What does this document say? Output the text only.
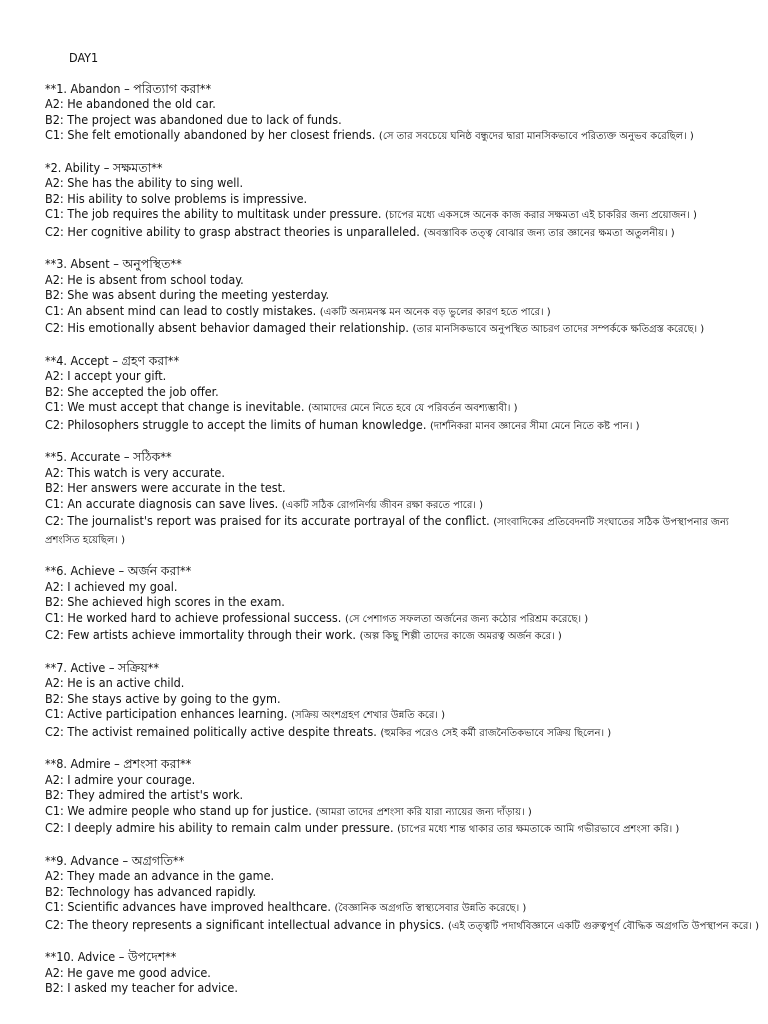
DAY1
**1. Abandon – পরিত্যাগ করা**
A2: He abandoned the old car.
B2: The project was abandoned due to lack of funds.
C1: She felt emotionally abandoned by her closest friends. (সে তার সবচেয়ে ঘনিষ্ঠ বন্ধুদের দ্বারা মানসিকভাবে পরিত্যক্ত অনুভব করেছিল। )
*2. Ability – সক্ষমতা**
A2: She has the ability to sing well.
B2: His ability to solve problems is impressive.
C1: The job requires the ability to multitask under pressure. (চাপের মধ্যে একসঙ্গে অনেক কাজ করার সক্ষমতা এই চাকরির জন্য প্রয়োজন। )
C2: Her cognitive ability to grasp abstract theories is unparalleled. (অবস্তাবিক তত্ত্ব বোঝার জন্য তার জ্ঞানের ক্ষমতা অতুলনীয়। )
**3. Absent – অনুপস্থিত**
A2: He is absent from school today.
B2: She was absent during the meeting yesterday.
C1: An absent mind can lead to costly mistakes. (একটি অন্যমনস্ক মন অনেক বড় ভুলের কারণ হতে পারে। )
C2: His emotionally absent behavior damaged their relationship. (তার মানসিকভাবে অনুপস্থিত আচরণ তাদের সম্পর্ককে ক্ষতিগ্রস্ত করেছে। )
**4. Accept – গ্রহণ করা**
A2: I accept your gift.
B2: She accepted the job offer.
C1: We must accept that change is inevitable. (আমাদের মেনে নিতে হবে যে পরিবর্তন অবশ্যম্ভাবী। )
C2: Philosophers struggle to accept the limits of human knowledge. (দার্শনিকরা মানব জ্ঞানের সীমা মেনে নিতে কষ্ট পান। )
**5. Accurate – সঠিক**
A2: This watch is very accurate.
B2: Her answers were accurate in the test.
C1: An accurate diagnosis can save lives. (একটি সঠিক রোগনির্ণয় জীবন রক্ষা করতে পারে। )
C2: The journalist's report was praised for its accurate portrayal of the conflict. (সাংবাদিকের প্রতিবেদনটি সংঘাতের সঠিক উপস্থাপনার জন্য প্রশংসিত হয়েছিল। )
**6. Achieve – অর্জন করা**
A2: I achieved my goal.
B2: She achieved high scores in the exam.
C1: He worked hard to achieve professional success. (সে পেশাগত সফলতা অর্জনের জন্য কঠোর পরিশ্রম করেছে। )
C2: Few artists achieve immortality through their work. (অল্প কিছু শিল্পী তাদের কাজে অমরত্ব অর্জন করে। )
**7. Active – সক্রিয়**
A2: He is an active child.
B2: She stays active by going to the gym.
C1: Active participation enhances learning. (সক্রিয় অংশগ্রহণ শেখার উন্নতি করে। )
C2: The activist remained politically active despite threats. (হুমকির পরেও সেই কর্মী রাজনৈতিকভাবে সক্রিয় ছিলেন। )
**8. Admire – প্রশংসা করা**
A2: I admire your courage.
B2: They admired the artist's work.
C1: We admire people who stand up for justice. (আমরা তাদের প্রশংসা করি যারা ন্যায়ের জন্য দাঁড়ায়। )
C2: I deeply admire his ability to remain calm under pressure. (চাপের মধ্যে শান্ত থাকার তার ক্ষমতাকে আমি গভীরভাবে প্রশংসা করি। )
**9. Advance – অগ্রগতি**
A2: They made an advance in the game.
B2: Technology has advanced rapidly.
C1: Scientific advances have improved healthcare. (বৈজ্ঞানিক অগ্রগতি স্বাস্থ্যসেবার উন্নতি করেছে। )
C2: The theory represents a significant intellectual advance in physics. (এই তত্ত্বটি পদার্থবিজ্ঞানে একটি গুরুত্বপূর্ণ বৌদ্ধিক অগ্রগতি উপস্থাপন করে। )
**10. Advice – উপদেশ**
A2: He gave me good advice.
B2: I asked my teacher for advice.
